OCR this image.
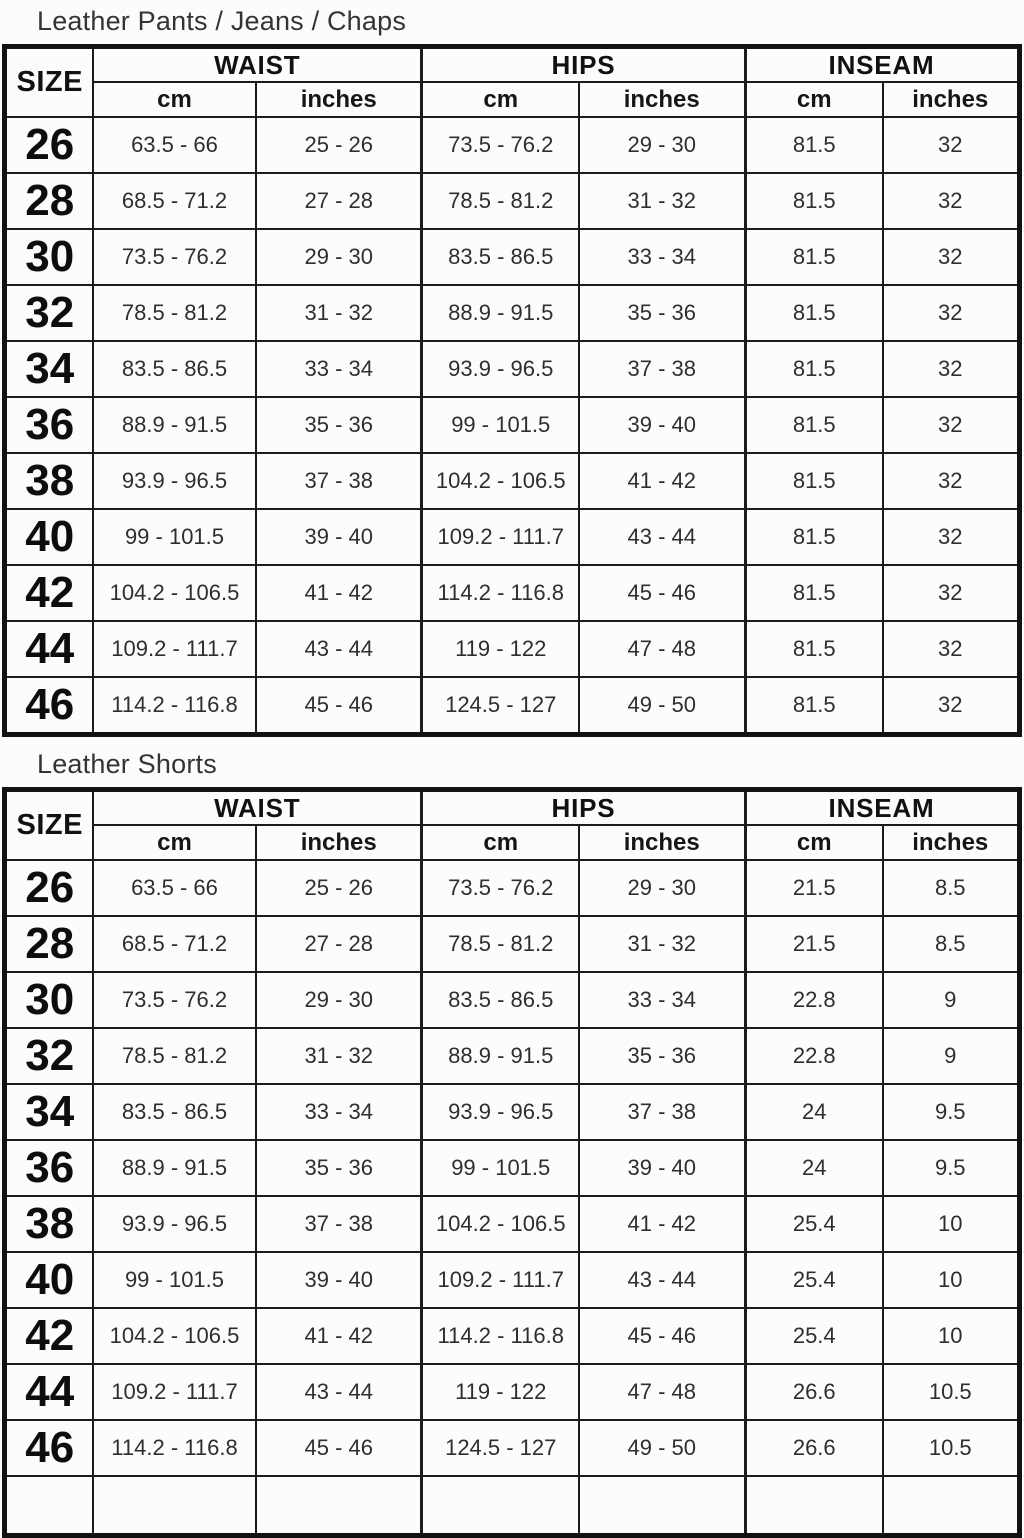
Leather Pants / Jeans / Chaps
SIZE	WAIST		HIPS		INSEAM	
	cm	inches	cm	inches	cm	inches
26	63.5 - 66	25 - 26	73.5 - 76.2	29 - 30	81.5	32
28	68.5 - 71.2	27 - 28	78.5 - 81.2	31 - 32	81.5	32
30	73.5 - 76.2	29 - 30	83.5 - 86.5	33 - 34	81.5	32
32	78.5 - 81.2	31 - 32	88.9 - 91.5	35 - 36	81.5	32
34	83.5 - 86.5	33 - 34	93.9 - 96.5	37 - 38	81.5	32
36	88.9 - 91.5	35 - 36	99 - 101.5	39 - 40	81.5	32
38	93.9 - 96.5	37 - 38	104.2 - 106.5	41 - 42	81.5	32
40	99 - 101.5	39 - 40	109.2 - 111.7	43 - 44	81.5	32
42	104.2 - 106.5	41 - 42	114.2 - 116.8	45 - 46	81.5	32
44	109.2 - 111.7	43 - 44	119 - 122	47 - 48	81.5	32
46	114.2 - 116.8	45 - 46	124.5 - 127	49 - 50	81.5	32
Leather Shorts
SIZE	WAIST		HIPS		INSEAM	
	cm	inches	cm	inches	cm	inches
26	63.5 - 66	25 - 26	73.5 - 76.2	29 - 30	21.5	8.5
28	68.5 - 71.2	27 - 28	78.5 - 81.2	31 - 32	21.5	8.5
30	73.5 - 76.2	29 - 30	83.5 - 86.5	33 - 34	22.8	9
32	78.5 - 81.2	31 - 32	88.9 - 91.5	35 - 36	22.8	9
34	83.5 - 86.5	33 - 34	93.9 - 96.5	37 - 38	24	9.5
36	88.9 - 91.5	35 - 36	99 - 101.5	39 - 40	24	9.5
38	93.9 - 96.5	37 - 38	104.2 - 106.5	41 - 42	25.4	10
40	99 - 101.5	39 - 40	109.2 - 111.7	43 - 44	25.4	10
42	104.2 - 106.5	41 - 42	114.2 - 116.8	45 - 46	25.4	10
44	109.2 - 111.7	43 - 44	119 - 122	47 - 48	26.6	10.5
46	114.2 - 116.8	45 - 46	124.5 - 127	49 - 50	26.6	10.5
